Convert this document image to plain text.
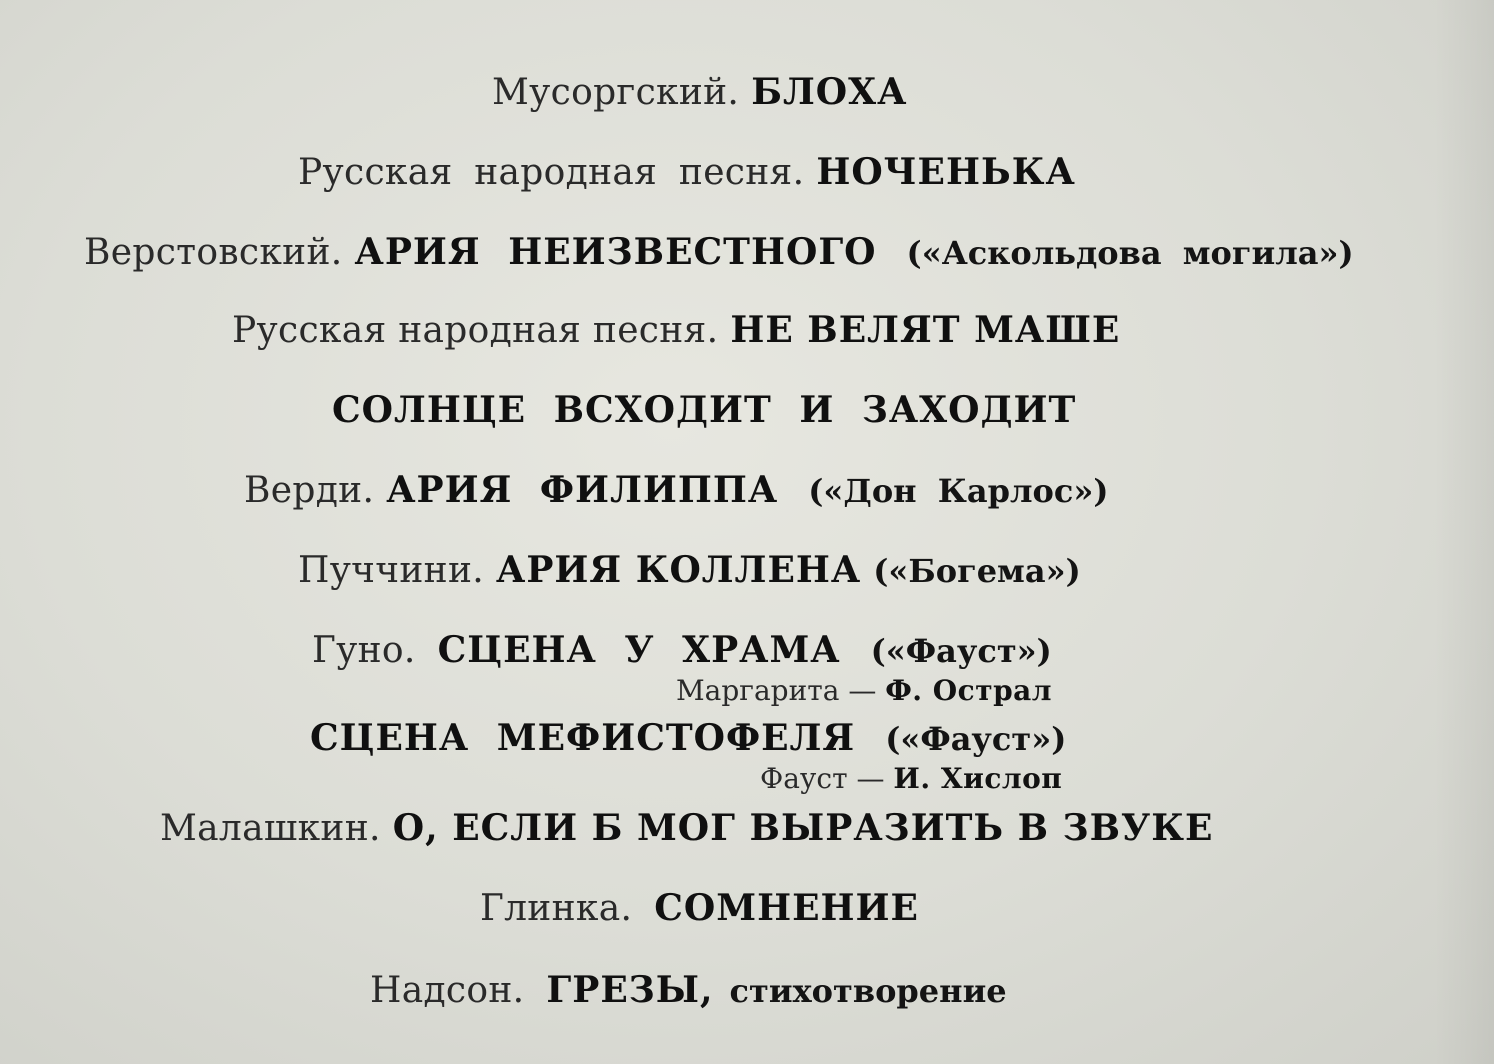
Мусоргский. БЛОХА
Русская народная песня. НОЧЕНЬКА
Верстовский. АРИЯ НЕИЗВЕСТНОГО («Аскольдова могила»)
Русская народная песня. НЕ ВЕЛЯТ МАШЕ
СОЛНЦЕ ВСХОДИТ И ЗАХОДИТ
Верди. АРИЯ ФИЛИППА («Дон Карлос»)
Пуччини. АРИЯ КОЛЛЕНА («Богема»)
Гуно. СЦЕНА У ХРАМА («Фауст»)
Маргарита — Ф. Острал
СЦЕНА МЕФИСТОФЕЛЯ («Фауст»)
Фауст — И. Хислоп
Малашкин. О, ЕСЛИ Б МОГ ВЫРАЗИТЬ В ЗВУКЕ
Глинка. СОМНЕНИЕ
Надсон. ГРЕЗЫ, стихотворение
